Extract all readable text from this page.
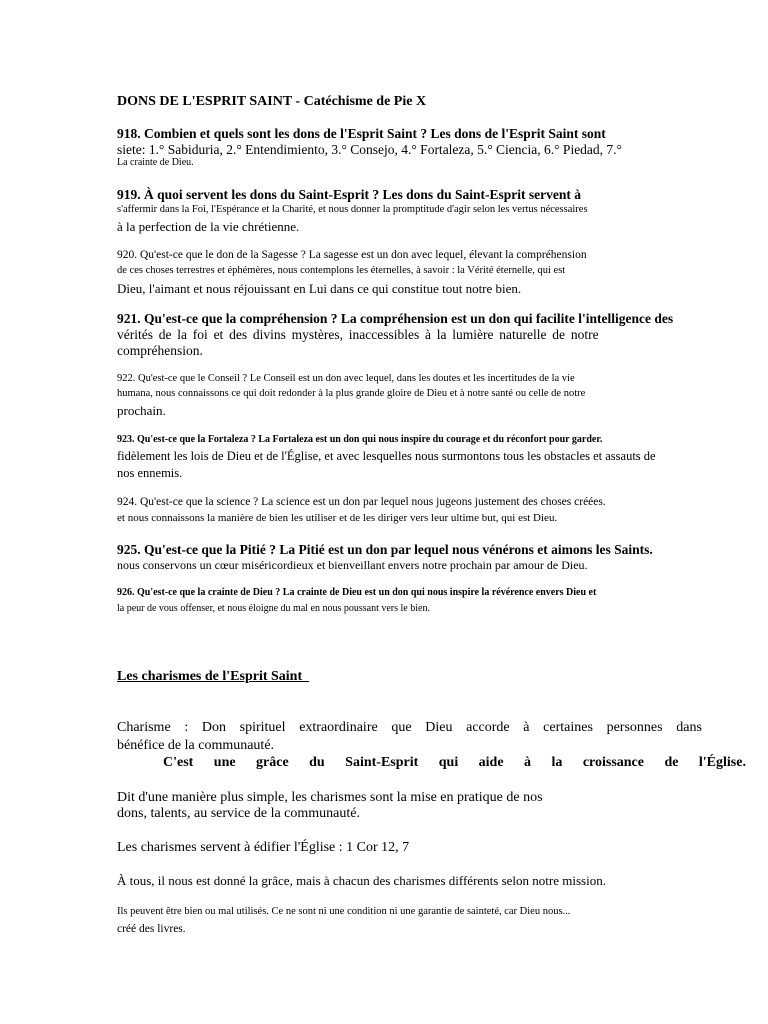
DONS DE L'ESPRIT SAINT - Catéchisme de Pie X
918. Combien et quels sont les dons de l'Esprit Saint ? Les dons de l'Esprit Saint sont
siete: 1.° Sabiduria, 2.° Entendimiento, 3.° Consejo, 4.° Fortaleza, 5.° Ciencia, 6.° Piedad, 7.°
La crainte de Dieu.
919. À quoi servent les dons du Saint-Esprit ? Les dons du Saint-Esprit servent à
s'affermir dans la Foi, l'Espérance et la Charité, et nous donner la promptitude d'agir selon les vertus nécessaires
à la perfection de la vie chrétienne.
920. Qu'est-ce que le don de la Sagesse ? La sagesse est un don avec lequel, élevant la compréhension
de ces choses terrestres et éphémères, nous contemplons les éternelles, à savoir : la Vérité éternelle, qui est
Dieu, l'aimant et nous réjouissant en Lui dans ce qui constitue tout notre bien.
921. Qu'est-ce que la compréhension ? La compréhension est un don qui facilite l'intelligence des
vérités de la foi et des divins mystères, inaccessibles à la lumière naturelle de notre
compréhension.
922. Qu'est-ce que le Conseil ? Le Conseil est un don avec lequel, dans les doutes et les incertitudes de la vie
humana, nous connaissons ce qui doit redonder à la plus grande gloire de Dieu et à notre santé ou celle de notre
prochain.
923. Qu'est-ce que la Fortaleza ? La Fortaleza est un don qui nous inspire du courage et du réconfort pour garder.
fidèlement les lois de Dieu et de l'Église, et avec lesquelles nous surmontons tous les obstacles et assauts de
nos ennemis.
924. Qu'est-ce que la science ? La science est un don par lequel nous jugeons justement des choses créées.
et nous connaissons la manière de bien les utiliser et de les diriger vers leur ultime but, qui est Dieu.
925. Qu'est-ce que la Pitié ? La Pitié est un don par lequel nous vénérons et aimons les Saints.
nous conservons un cœur miséricordieux et bienveillant envers notre prochain par amour de Dieu.
926. Qu'est-ce que la crainte de Dieu ? La crainte de Dieu est un don qui nous inspire la révérence envers Dieu et
la peur de vous offenser, et nous éloigne du mal en nous poussant vers le bien.
Les charismes de l'Esprit Saint
Charisme : Don spirituel extraordinaire que Dieu accorde à certaines personnes dans
bénéfice de la communauté.
C'est une grâce du Saint-Esprit qui aide à la croissance de l'Église.
Dit d'une manière plus simple, les charismes sont la mise en pratique de nos
dons, talents, au service de la communauté.
Les charismes servent à édifier l'Église : 1 Cor 12, 7
À tous, il nous est donné la grâce, mais à chacun des charismes différents selon notre mission.
Ils peuvent être bien ou mal utilisés. Ce ne sont ni une condition ni une garantie de sainteté, car Dieu nous...
créé des livres.
